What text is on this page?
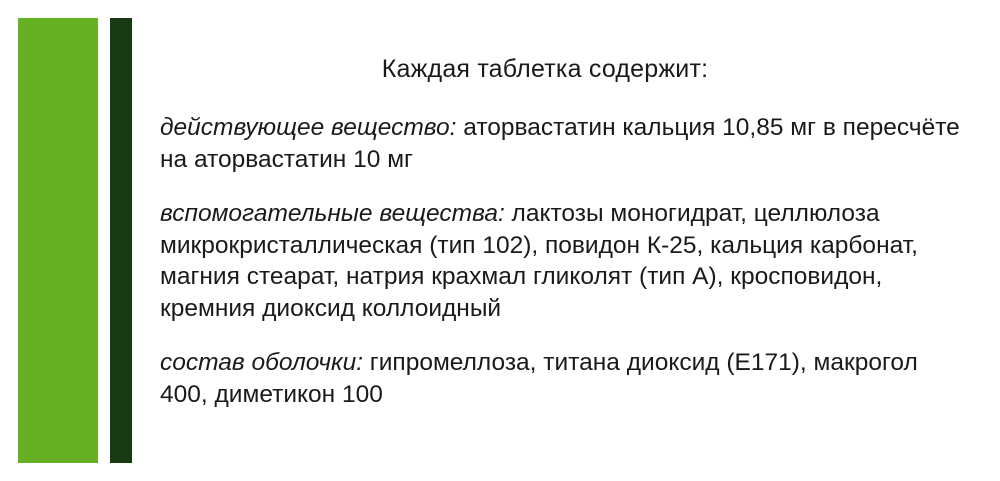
Каждая таблетка содержит:

действующее вещество: аторвастатин кальция 10,85 мг в пересчёте на аторвастатин 10 мг

вспомогательные вещества: лактозы моногидрат, целлюлоза микрокристаллическая (тип 102), повидон К-25, кальция карбонат, магния стеарат, натрия крахмал гликолят (тип А), кросповидон, кремния диоксид коллоидный

состав оболочки: гипромеллоза, титана диоксид (Е171), макрогол 400, диметикон 100
